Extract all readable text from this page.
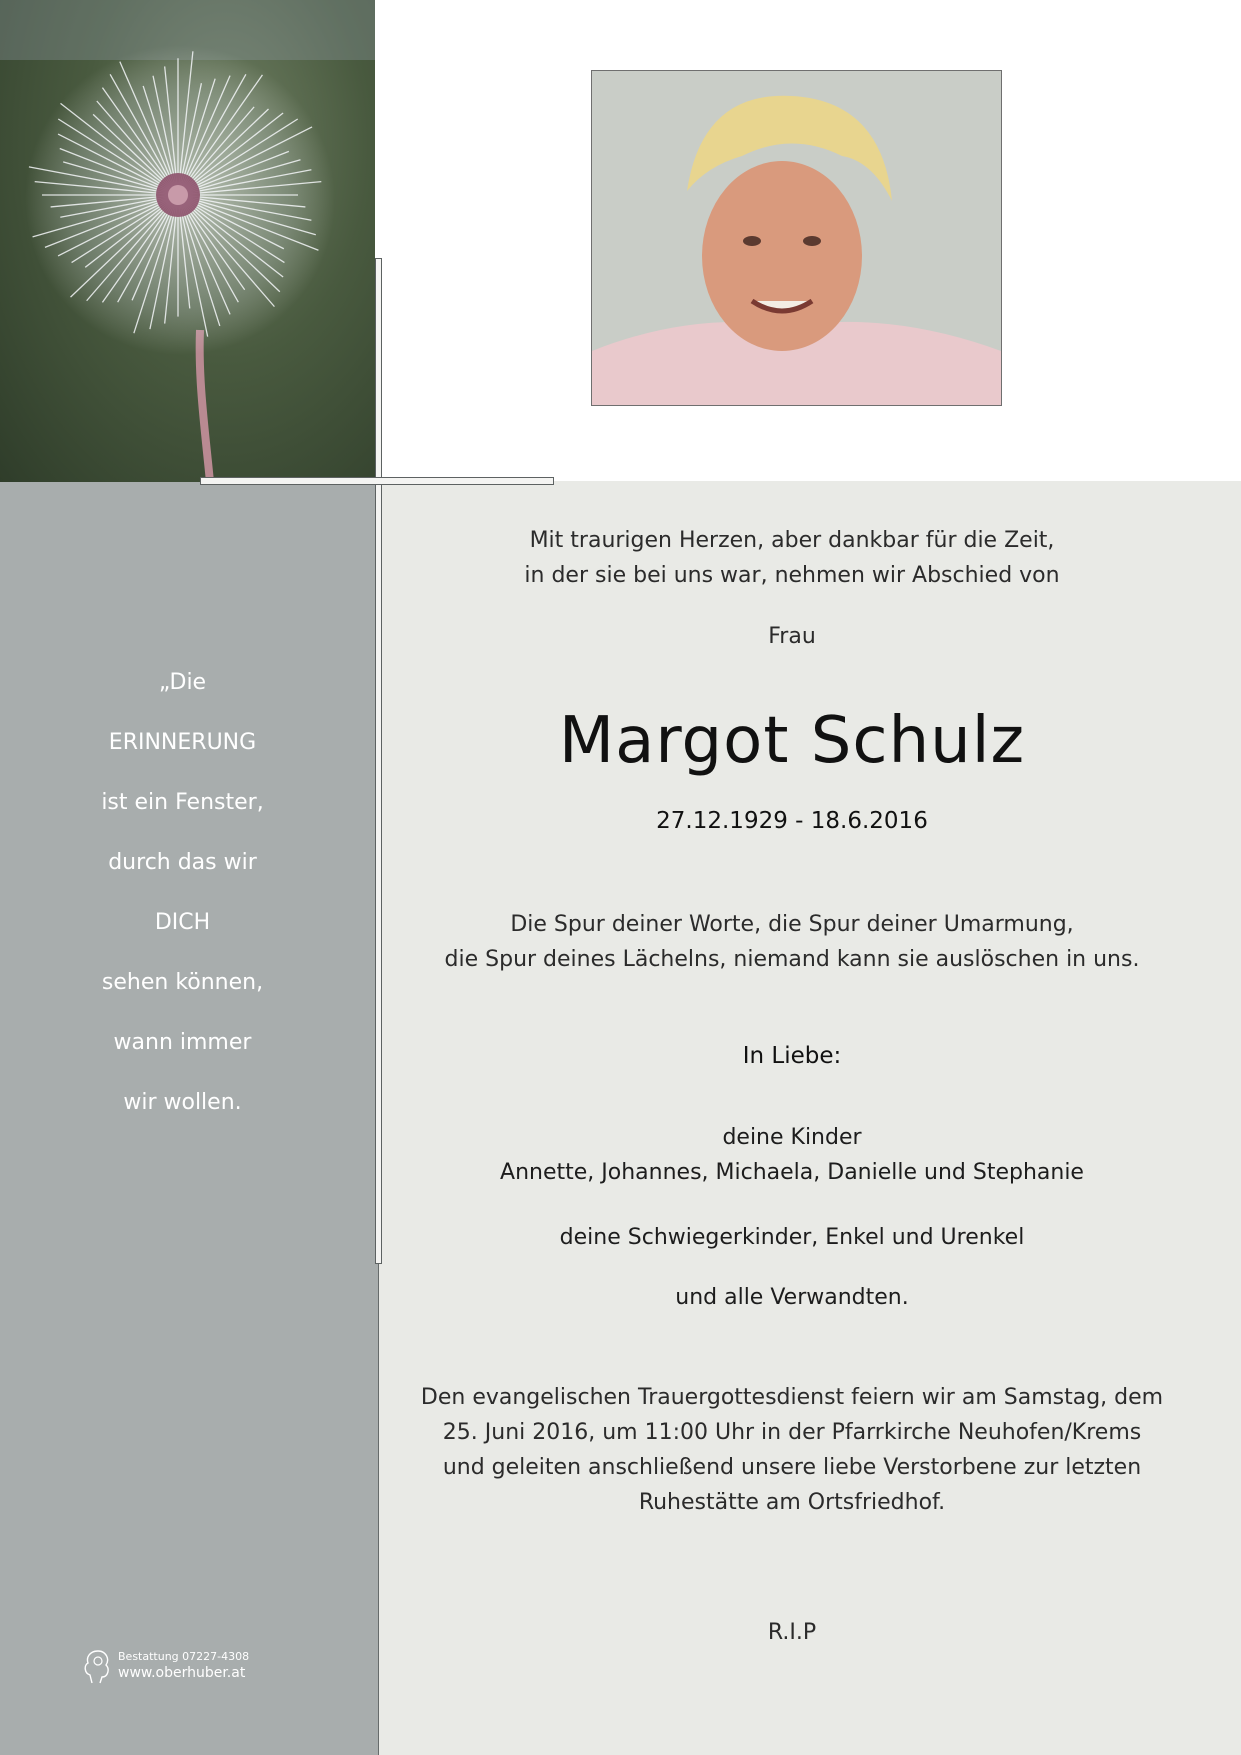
„Die
ERINNERUNG
ist ein Fenster,
durch das wir
DICH
sehen können,
wann immer
wir wollen.
Bestattung 07227-4308
www.oberhuber.at
Mit traurigen Herzen, aber dankbar für die Zeit,
in der sie bei uns war, nehmen wir Abschied von
Frau
Margot Schulz
27.12.1929 - 18.6.2016
Die Spur deiner Worte, die Spur deiner Umarmung,
die Spur deines Lächelns, niemand kann sie auslöschen in uns.
In Liebe:
deine Kinder
Annette, Johannes, Michaela, Danielle und Stephanie
deine Schwiegerkinder, Enkel und Urenkel
und alle Verwandten.
Den evangelischen Trauergottesdienst feiern wir am Samstag, dem
25. Juni 2016, um 11:00 Uhr in der Pfarrkirche Neuhofen/Krems
und geleiten anschließend unsere liebe Verstorbene zur letzten
Ruhestätte am Ortsfriedhof.
R.I.P
